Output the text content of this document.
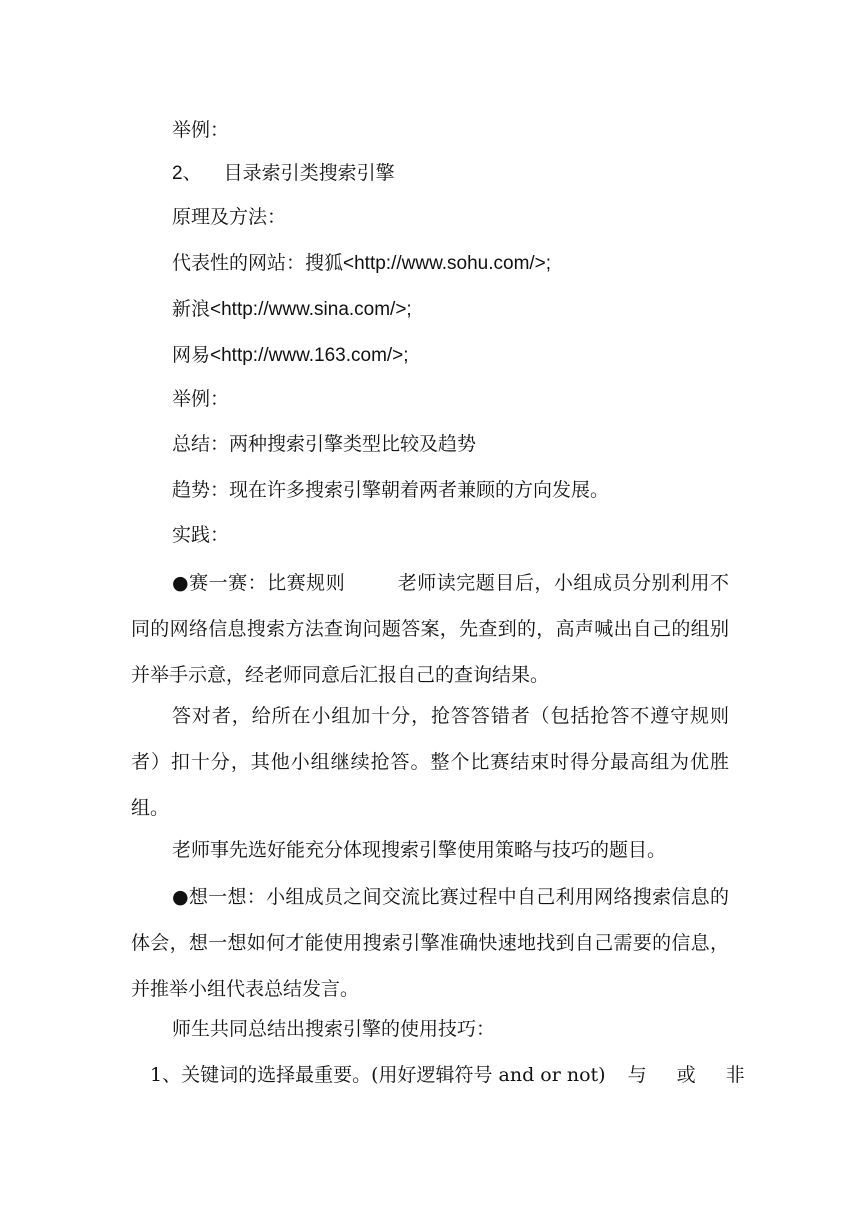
举例：
2、 目录索引类搜索引擎
原理及方法：
代表性的网站：搜狐<http://www.sohu.com/>;
新浪<http://www.sina.com/>;
网易<http://www.163.com/>;
举例：
总结：两种搜索引擎类型比较及趋势
趋势：现在许多搜索引擎朝着两者兼顾的方向发展。
实践：

●赛一赛：比赛规则	老师读完题目后，小组成员分别利用不同的网络信息搜索方法查询问题答案，先查到的，高声喊出自己的组别并举手示意，经老师同意后汇报自己的查询结果。

答对者，给所在小组加十分，抢答答错者（包括抢答不遵守规则者）扣十分，其他小组继续抢答。整个比赛结束时得分最高组为优胜组。

老师事先选好能充分体现搜索引擎使用策略与技巧的题目。

●想一想：小组成员之间交流比赛过程中自己利用网络搜索信息的体会，想一想如何才能使用搜索引擎准确快速地找到自己需要的信息，并推举小组代表总结发言。

师生共同总结出搜索引擎的使用技巧：
1、关键词的选择最重要。(用好逻辑符号 and or not) 与 或 非
